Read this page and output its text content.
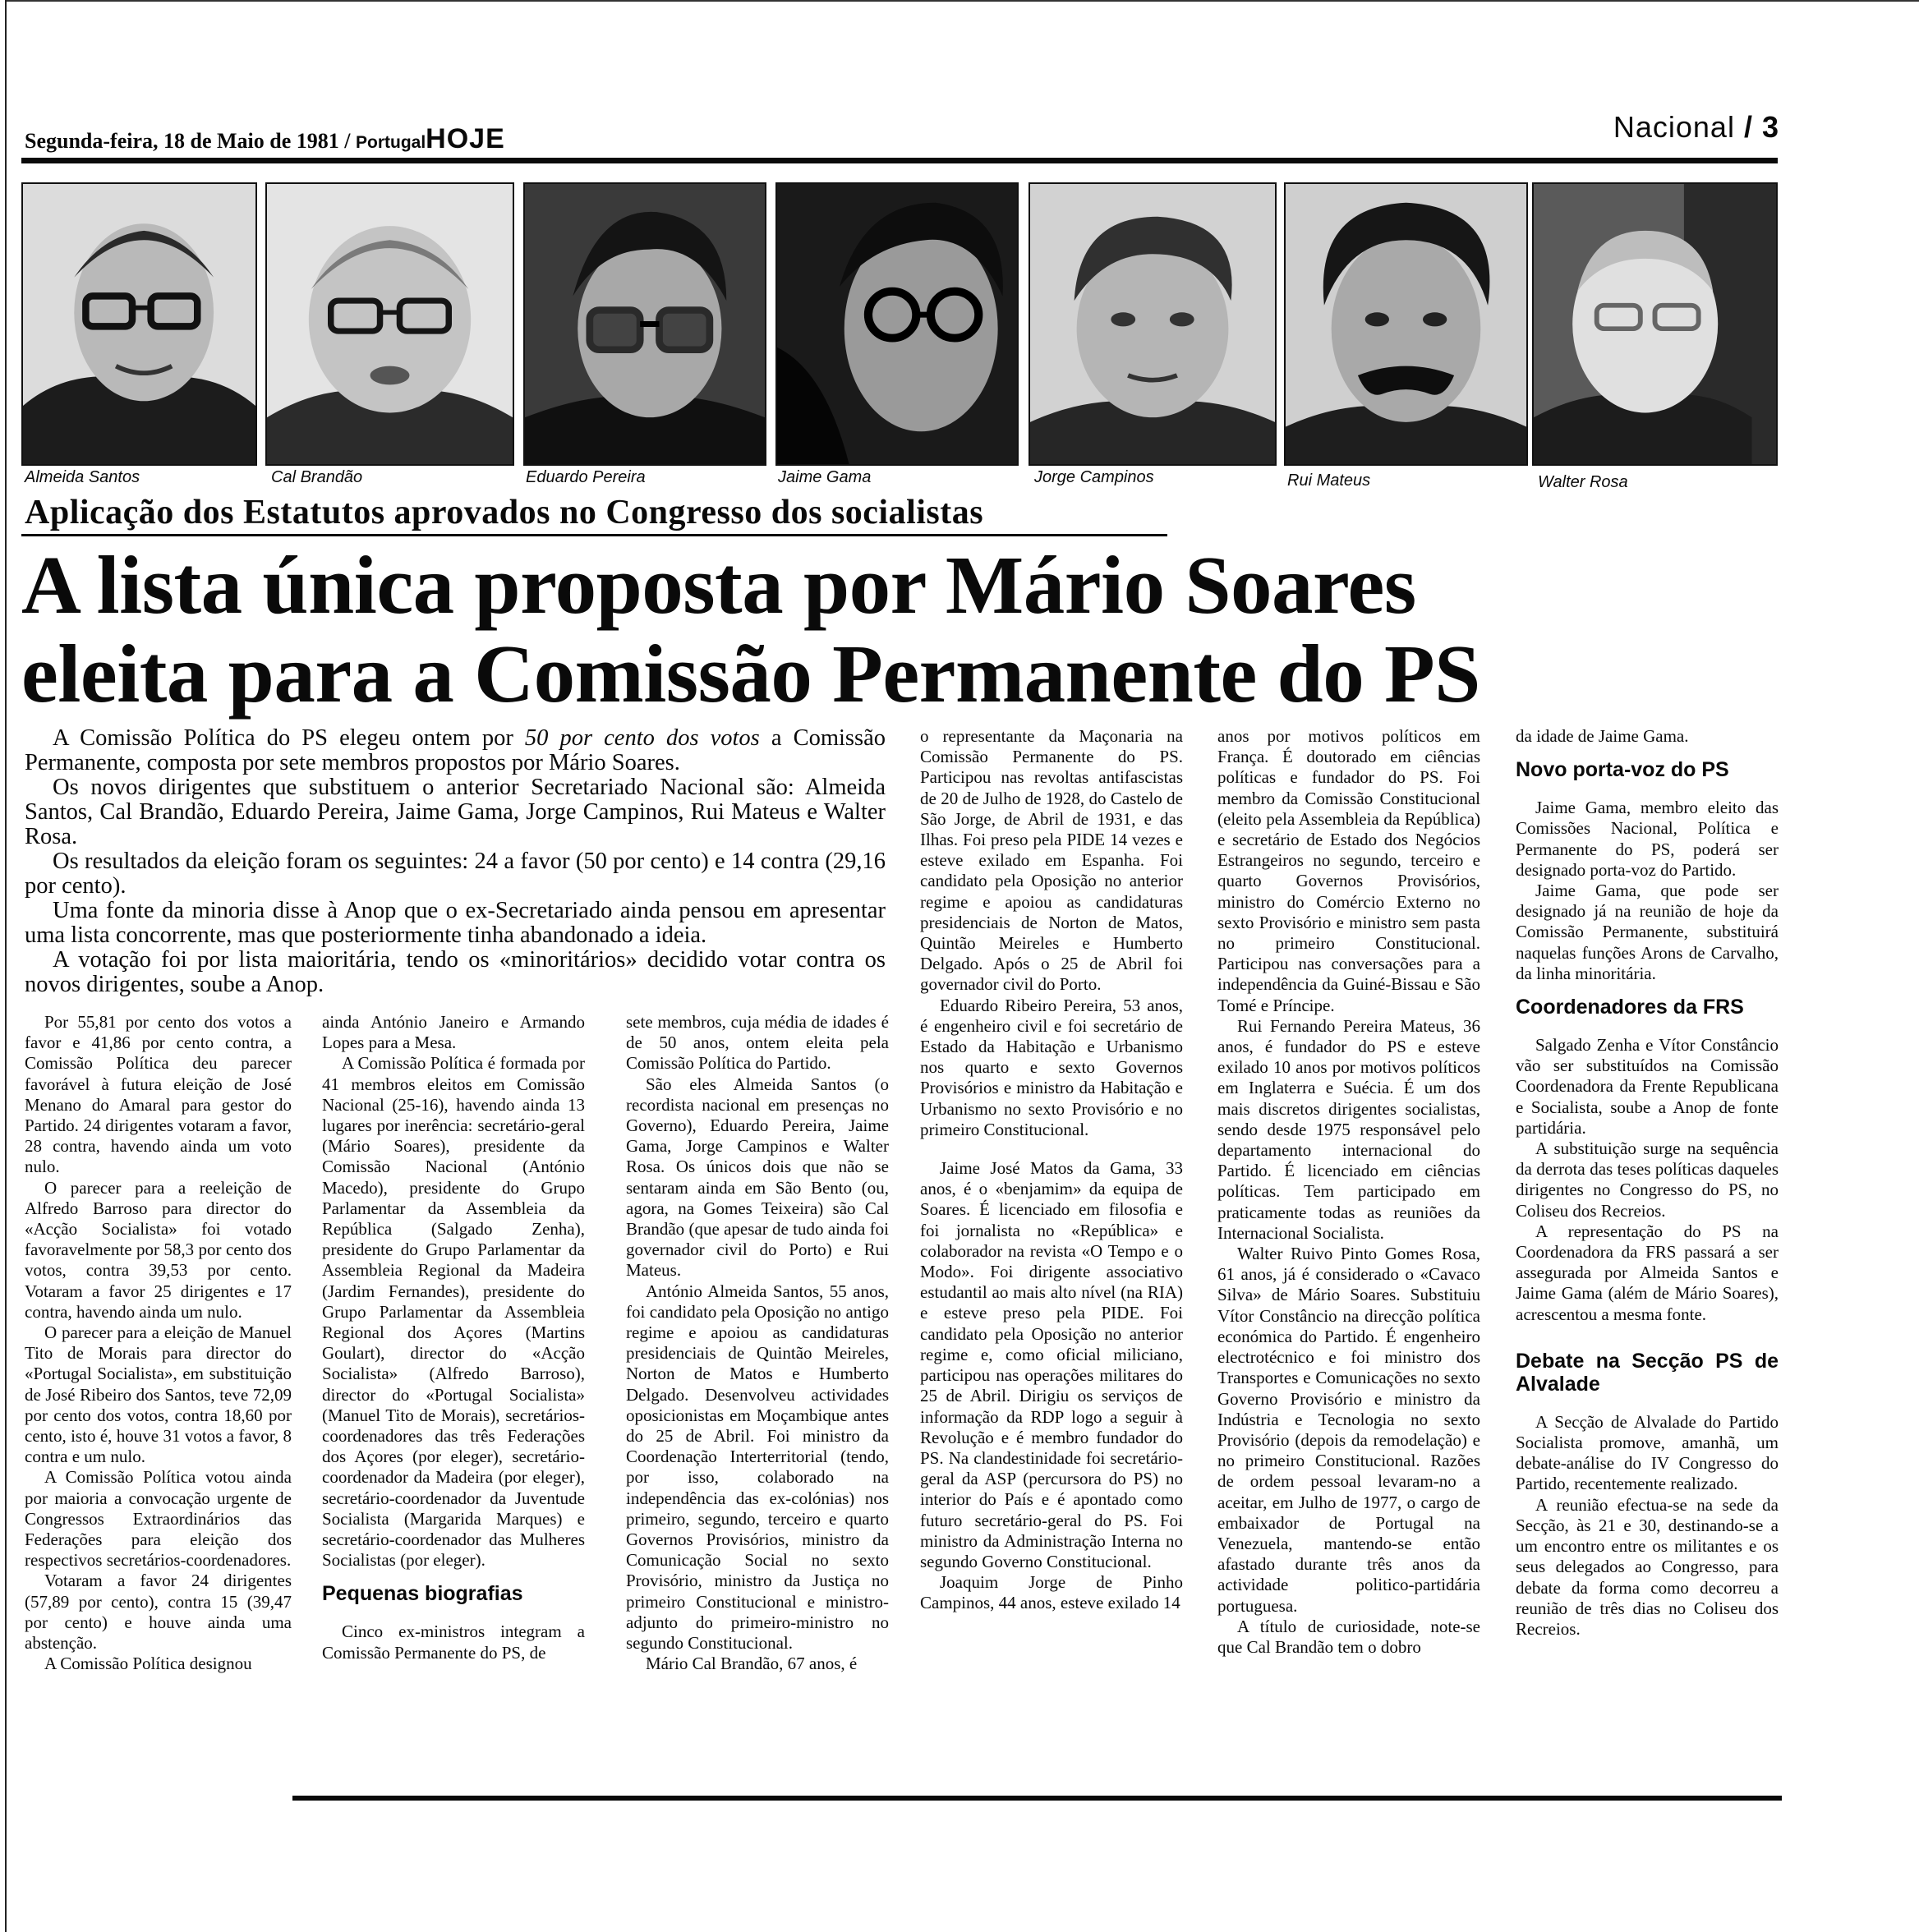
Segunda-feira, 18 de Maio de 1981 / PortugalHOJE	Nacional / 3
Almeida Santos	Cal Brandão	Eduardo Pereira	Jaime Gama	Jorge Campinos	Rui Mateus	Walter Rosa
Aplicação dos Estatutos aprovados no Congresso dos socialistas
A lista única proposta por Mário Soares
eleita para a Comissão Permanente do PS

A Comissão Política do PS elegeu ontem por 50 por cento dos votos a Comissão Permanente, composta por sete membros propostos por Mário Soares.

Os novos dirigentes que substituem o anterior Secretariado Nacional são: Almeida Santos, Cal Brandão, Eduardo Pereira, Jaime Gama, Jorge Campinos, Rui Mateus e Walter Rosa.

Os resultados da eleição foram os seguintes: 24 a favor (50 por cento) e 14 contra (29,16 por cento).

Uma fonte da minoria disse à Anop que o ex-Secretariado ainda pensou em apresentar uma lista concorrente, mas que posteriormente tinha abandonado a ideia.

A votação foi por lista maioritária, tendo os «minoritários» decidido votar contra os novos dirigentes, soube a Anop.

Por 55,81 por cento dos votos a favor e 41,86 por cento contra, a Comissão Política deu parecer favorável à futura eleição de José Menano do Amaral para gestor do Partido. 24 dirigentes votaram a favor, 28 contra, havendo ainda um voto nulo.

O parecer para a reeleição de Alfredo Barroso para director do «Acção Socialista» foi votado favoravelmente por 58,3 por cento dos votos, contra 39,53 por cento. Votaram a favor 25 dirigentes e 17 contra, havendo ainda um nulo.

O parecer para a eleição de Manuel Tito de Morais para director do «Portugal Socialista», em substituição de José Ribeiro dos Santos, teve 72,09 por cento dos votos, contra 18,60 por cento, isto é, houve 31 votos a favor, 8 contra e um nulo.

A Comissão Política votou ainda por maioria a convocação urgente de Congressos Extraordinários das Federações para eleição dos respectivos secretários-coordenadores.

Votaram a favor 24 dirigentes (57,89 por cento), contra 15 (39,47 por cento) e houve ainda uma abstenção.

A Comissão Política designou

ainda António Janeiro e Armando Lopes para a Mesa.

A Comissão Política é formada por 41 membros eleitos em Comissão Nacional (25-16), havendo ainda 13 lugares por inerência: secretário-geral (Mário Soares), presidente da Comissão Nacional (António Macedo), presidente do Grupo Parlamentar da Assembleia da República (Salgado Zenha), presidente do Grupo Parlamentar da Assembleia Regional da Madeira (Jardim Fernandes), presidente do Grupo Parlamentar da Assembleia Regional dos Açores (Martins Goulart), director do «Acção Socialista» (Alfredo Barroso), director do «Portugal Socialista» (Manuel Tito de Morais), secretários-coordenadores das três Federações dos Açores (por eleger), secretário-coordenador da Madeira (por eleger), secretário-coordenador da Juventude Socialista (Margarida Marques) e secretário-coordenador das Mulheres Socialistas (por eleger).

Pequenas biografias

Cinco ex-ministros integram a Comissão Permanente do PS, de

sete membros, cuja média de idades é de 50 anos, ontem eleita pela Comissão Política do Partido.

São eles Almeida Santos (o recordista nacional em presenças no Governo), Eduardo Pereira, Jaime Gama, Jorge Campinos e Walter Rosa. Os únicos dois que não se sentaram ainda em São Bento (ou, agora, na Gomes Teixeira) são Cal Brandão (que apesar de tudo ainda foi governador civil do Porto) e Rui Mateus.

António Almeida Santos, 55 anos, foi candidato pela Oposição no antigo regime e apoiou as candidaturas presidenciais de Quintão Meireles, Norton de Matos e Humberto Delgado. Desenvolveu actividades oposicionistas em Moçambique antes do 25 de Abril. Foi ministro da Coordenação Interterritorial (tendo, por isso, colaborado na independência das ex-colónias) nos primeiro, segundo, terceiro e quarto Governos Provisórios, ministro da Comunicação Social no sexto Provisório, ministro da Justiça no primeiro Constitucional e ministro-adjunto do primeiro-ministro no segundo Constitucional.

Mário Cal Brandão, 67 anos, é

o representante da Maçonaria na Comissão Permanente do PS. Participou nas revoltas antifascistas de 20 de Julho de 1928, do Castelo de São Jorge, de Abril de 1931, e das Ilhas. Foi preso pela PIDE 14 vezes e esteve exilado em Espanha. Foi candidato pela Oposição no anterior regime e apoiou as candidaturas presidenciais de Norton de Matos, Quintão Meireles e Humberto Delgado. Após o 25 de Abril foi governador civil do Porto.

Eduardo Ribeiro Pereira, 53 anos, é engenheiro civil e foi secretário de Estado da Habitação e Urbanismo nos quarto e sexto Governos Provisórios e ministro da Habitação e Urbanismo no sexto Provisório e no primeiro Constitucional.

Jaime José Matos da Gama, 33 anos, é o «benjamim» da equipa de Soares. É licenciado em filosofia e foi jornalista no «República» e colaborador na revista «O Tempo e o Modo». Foi dirigente associativo estudantil ao mais alto nível (na RIA) e esteve preso pela PIDE. Foi candidato pela Oposição no anterior regime e, como oficial miliciano, participou nas operações militares do 25 de Abril. Dirigiu os serviços de informação da RDP logo a seguir à Revolução e é membro fundador do PS. Na clandestinidade foi secretário-geral da ASP (percursora do PS) no interior do País e é apontado como futuro secretário-geral do PS. Foi ministro da Administração Interna no segundo Governo Constitucional.

Joaquim Jorge de Pinho Campinos, 44 anos, esteve exilado 14

anos por motivos políticos em França. É doutorado em ciências políticas e fundador do PS. Foi membro da Comissão Constitucional (eleito pela Assembleia da República) e secretário de Estado dos Negócios Estrangeiros no segundo, terceiro e quarto Governos Provisórios, ministro do Comércio Externo no sexto Provisório e ministro sem pasta no primeiro Constitucional. Participou nas conversações para a independência da Guiné-Bissau e São Tomé e Príncipe.

Rui Fernando Pereira Mateus, 36 anos, é fundador do PS e esteve exilado 10 anos por motivos políticos em Inglaterra e Suécia. É um dos mais discretos dirigentes socialistas, sendo desde 1975 responsável pelo departamento internacional do Partido. É licenciado em ciências políticas. Tem participado em praticamente todas as reuniões da Internacional Socialista.

Walter Ruivo Pinto Gomes Rosa, 61 anos, já é considerado o «Cavaco Silva» de Mário Soares. Substituiu Vítor Constâncio na direcção política económica do Partido. É engenheiro electrotécnico e foi ministro dos Transportes e Comunicações no sexto Governo Provisório e ministro da Indústria e Tecnologia no sexto Provisório (depois da remodelação) e no primeiro Constitucional. Razões de ordem pessoal levaram-no a aceitar, em Julho de 1977, o cargo de embaixador de Portugal na Venezuela, mantendo-se então afastado durante três anos da actividade politico-partidária portuguesa.

A título de curiosidade, note-se que Cal Brandão tem o dobro

da idade de Jaime Gama.

Novo porta-voz do PS

Jaime Gama, membro eleito das Comissões Nacional, Política e Permanente do PS, poderá ser designado porta-voz do Partido.

Jaime Gama, que pode ser designado já na reunião de hoje da Comissão Permanente, substituirá naquelas funções Arons de Carvalho, da linha minoritária.

Coordenadores da FRS

Salgado Zenha e Vítor Constâncio vão ser substituídos na Comissão Coordenadora da Frente Republicana e Socialista, soube a Anop de fonte partidária.

A substituição surge na sequência da derrota das teses políticas daqueles dirigentes no Congresso do PS, no Coliseu dos Recreios.

A representação do PS na Coordenadora da FRS passará a ser assegurada por Almeida Santos e Jaime Gama (além de Mário Soares), acrescentou a mesma fonte.

Debate na Secção PS de Alvalade

A Secção de Alvalade do Partido Socialista promove, amanhã, um debate-análise do IV Congresso do Partido, recentemente realizado.

A reunião efectua-se na sede da Secção, às 21 e 30, destinando-se a um encontro entre os militantes e os seus delegados ao Congresso, para debate da forma como decorreu a reunião de três dias no Coliseu dos Recreios.
